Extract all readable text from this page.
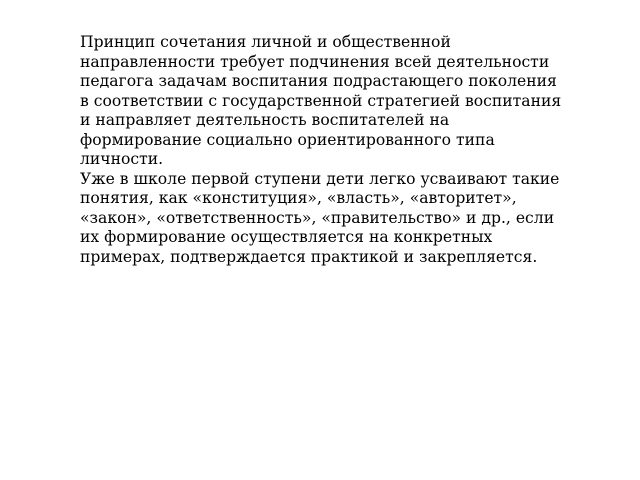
Принцип сочетания личной и общественной
направленности требует подчинения всей деятельности
педагога задачам воспитания подрастающего поколения
в соответствии с государственной стратегией воспитания
и направляет деятельность воспитателей на
формирование социально ориентированного типа
личности.

Уже в школе первой ступени дети легко усваивают такие
понятия, как «конституция», «власть», «авторитет»,
«закон», «ответственность», «правительство» и др., если
их формирование осуществляется на конкретных
примерах, подтверждается практикой и закрепляется.
